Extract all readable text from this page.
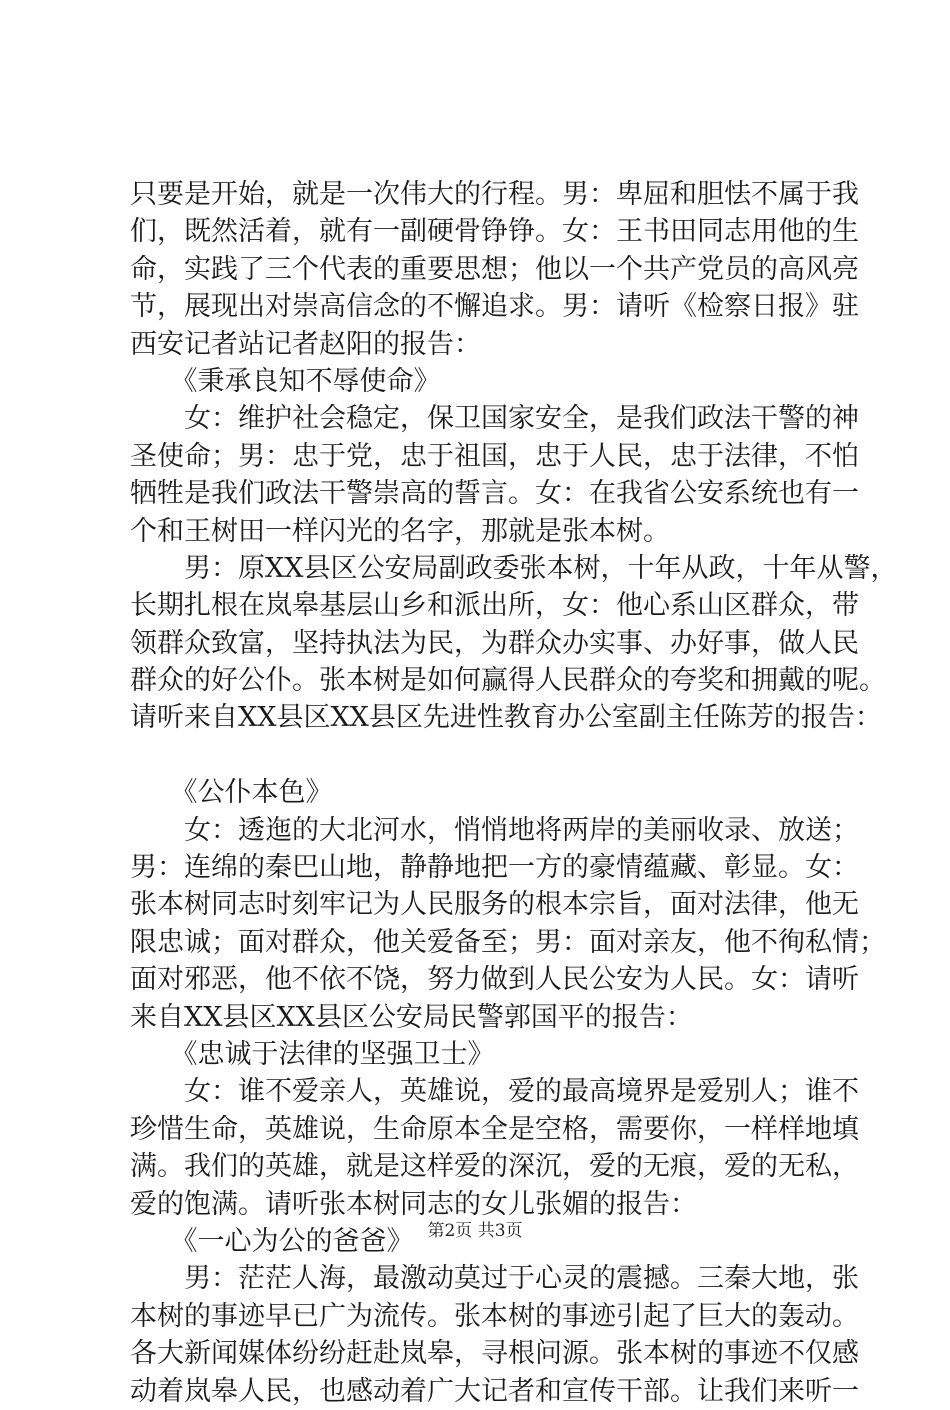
只要是开始，就是一次伟大的行程。男：卑屈和胆怯不属于我
们，既然活着，就有一副硬骨铮铮。女：王书田同志用他的生
命，实践了三个代表的重要思想；他以一个共产党员的高风亮
节，展现出对崇高信念的不懈追求。男：请听《检察日报》驻
西安记者站记者赵阳的报告：
　　《秉承良知不辱使命》
　　女：维护社会稳定，保卫国家安全，是我们政法干警的神
圣使命；男：忠于党，忠于祖国，忠于人民，忠于法律，不怕
牺牲是我们政法干警崇高的誓言。女：在我省公安系统也有一
个和王树田一样闪光的名字，那就是张本树。
　　男：原XX县区公安局副政委张本树，十年从政，十年从警，
长期扎根在岚皋基层山乡和派出所，女：他心系山区群众，带
领群众致富，坚持执法为民，为群众办实事、办好事，做人民
群众的好公仆。张本树是如何赢得人民群众的夸奖和拥戴的呢。
请听来自XX县区XX县区先进性教育办公室副主任陈芳的报告：
　　《公仆本色》
　　女：透迤的大北河水，悄悄地将两岸的美丽收录、放送；
男：连绵的秦巴山地，静静地把一方的豪情蕴藏、彰显。女：
张本树同志时刻牢记为人民服务的根本宗旨，面对法律，他无
限忠诚；面对群众，他关爱备至；男：面对亲友，他不徇私情；
面对邪恶，他不依不饶，努力做到人民公安为人民。女：请听
来自XX县区XX县区公安局民警郭国平的报告：
　　《忠诚于法律的坚强卫士》
　　女：谁不爱亲人，英雄说，爱的最高境界是爱别人；谁不
珍惜生命，英雄说，生命原本全是空格，需要你，一样样地填
满。我们的英雄，就是这样爱的深沉，爱的无痕，爱的无私，
爱的饱满。请听张本树同志的女儿张媚的报告：
　　《一心为公的爸爸》
　　男：茫茫人海，最激动莫过于心灵的震撼。三秦大地，张
本树的事迹早已广为流传。张本树的事迹引起了巨大的轰动。
各大新闻媒体纷纷赶赴岚皋，寻根问源。张本树的事迹不仅感
动着岚皋人民，也感动着广大记者和宣传干部。让我们来听一
第2页 共3页
